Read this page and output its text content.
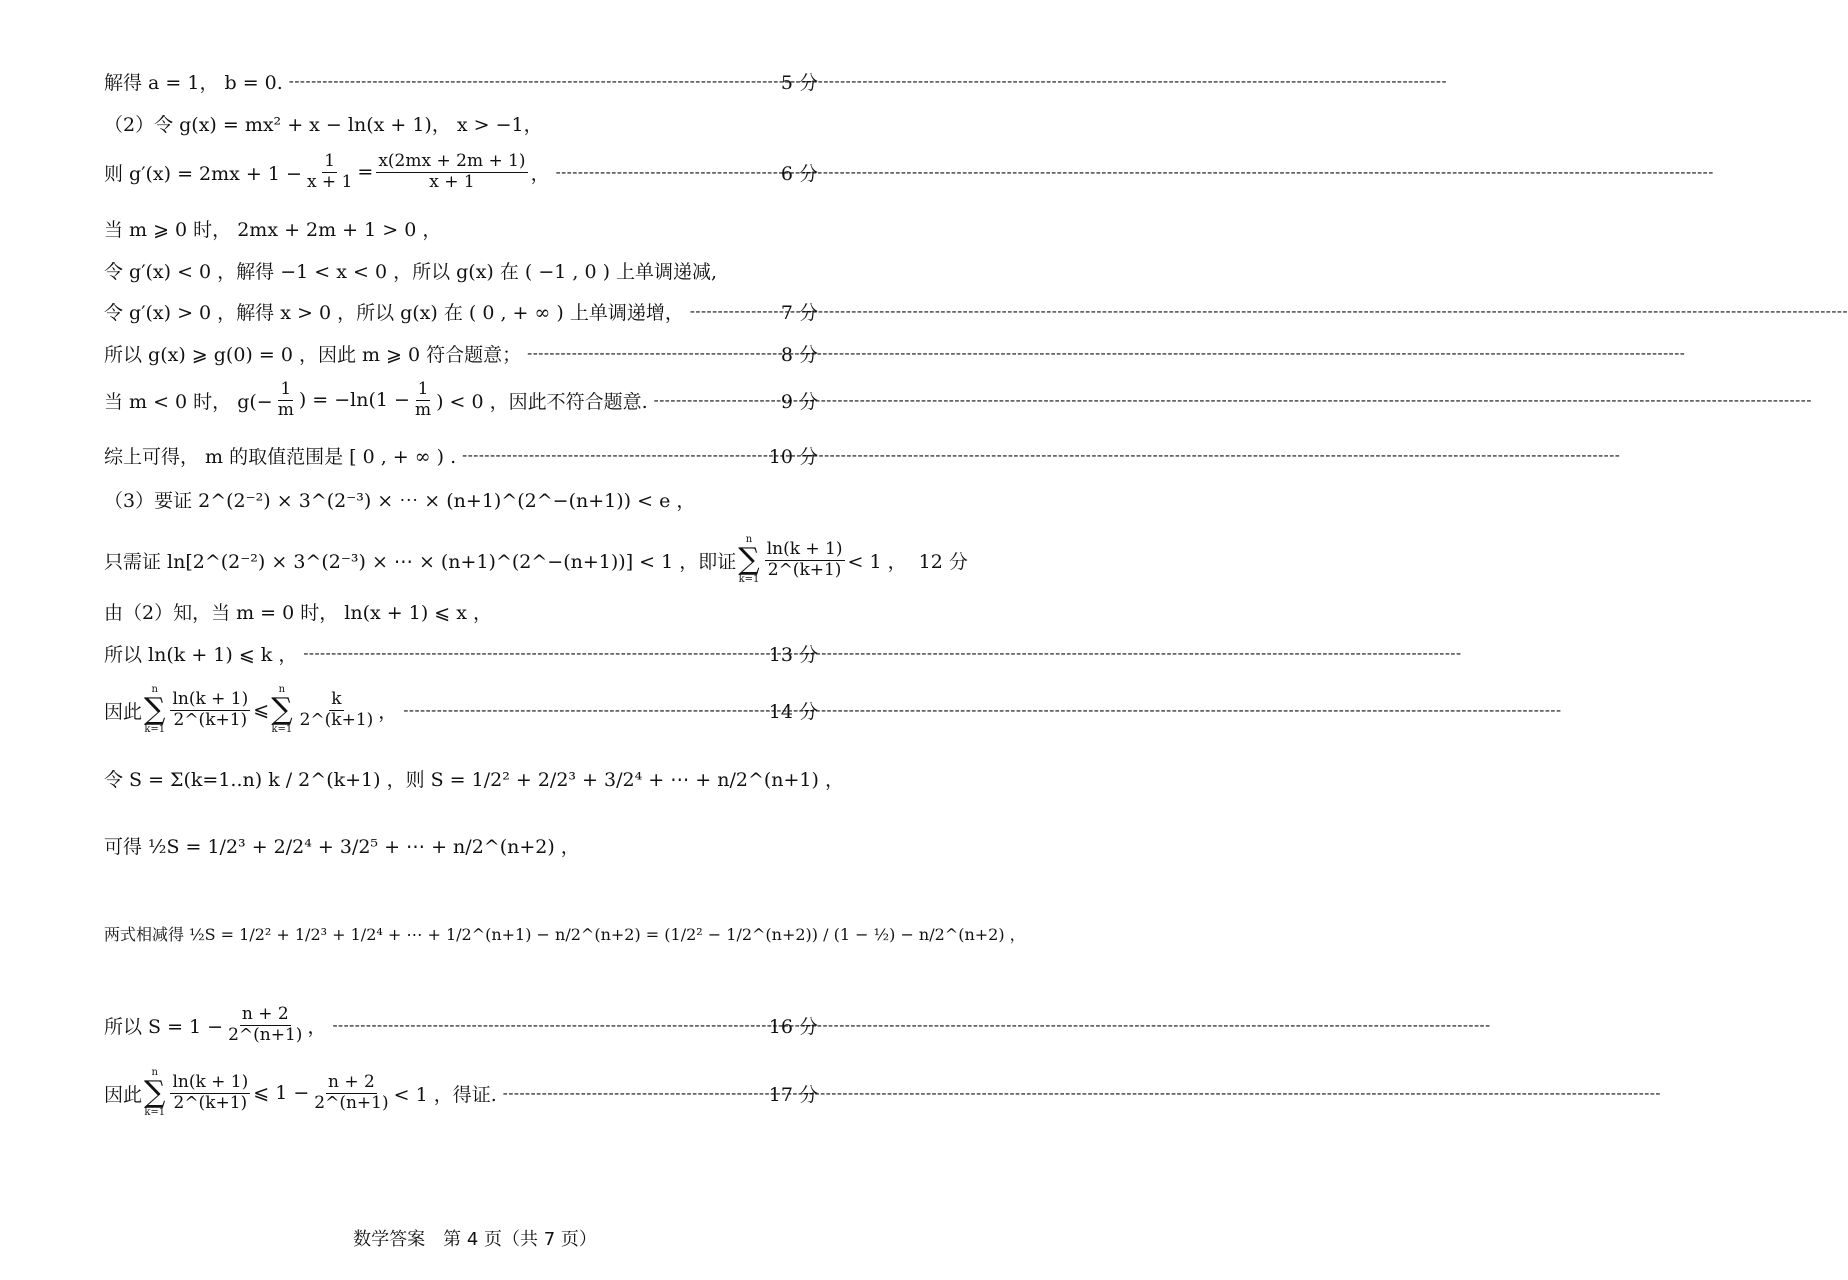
解得 a = 1， b = 0. -----	5 分
（2）令 g(x) = mx² + x − ln(x + 1)， x > −1，
则 $g'(x) = 2mx + 1 - \frac{1}{x + 1} = \frac{x(2mx + 2m + 1)}{x + 1}$ ， -----	6 分
当 m ⩾ 0 时， 2mx + 2m + 1 > 0 ，
令 g′(x) < 0 ，解得 −1 < x < 0 ，所以 g(x) 在 ( −1 , 0 ) 上单调递减,
令 g′(x) > 0 ，解得 x > 0 ，所以 g(x) 在 ( 0 , + ∞ ) 上单调递增， -----	7 分
所以 g(x) ⩾ g(0) = 0 ，因此 m ⩾ 0 符合题意； -----	8 分
当 m < 0 时， $g(- \frac{1}{m}$ ) = $-\ln(1 - \frac{1}{m}$ ) < 0 ，因此不符合题意. -----	9 分
综上可得， m 的取值范围是 [ 0 , + ∞ ) . -----	10 分
（3）要证 2^(2⁻²) × 3^(2⁻³) × ⋯ × (n+1)^(2^−(n+1)) < e ，
只需证 ln[2^(2⁻²) × 3^(2⁻³) × ⋯ × (n+1)^(2^−(n+1))] < 1 ，即证
n
∑
$k=1 \frac{\ln(k + 1)}{2\^{}(k+1)} < 1$ ， 12 分
由（2）知，当 m = 0 时， ln(x + 1) ⩽ x ，
所以 ln(k + 1) ⩽ k ， -----	13 分
因此
n
∑
$k=1 \frac{\ln(k + 1)}{2\^{}(k+1)}$ ⩽
n
∑
$k=1 \frac{k}{2\^{}(k+1)}$ ， -----	14 分
令 S = Σ(k=1..n) k / 2^(k+1) ，则 S = 1/2² + 2/2³ + 3/2⁴ + ⋯ + n/2^(n+1) ，
可得 ½S = 1/2³ + 2/2⁴ + 3/2⁵ + ⋯ + n/2^(n+2) ，
两式相减得 ½S = 1/2² + 1/2³ + 1/2⁴ + ⋯ + 1/2^(n+1) − n/2^(n+2) = (1/2² − 1/2^(n+2)) / (1 − ½) − n/2^(n+2) ，
所以 $S = 1 - \frac{n + 2}{2\^{}(n+1)}$ ， -----	16 分
因此
n
∑
$k=1 \frac{\ln(k + 1)}{2\^{}(k+1)}$ ⩽ $1 - \frac{n + 2}{2\^{}(n+1)} < 1$ ，得证. -----	17 分
数学答案　第 4 页（共 7 页）
